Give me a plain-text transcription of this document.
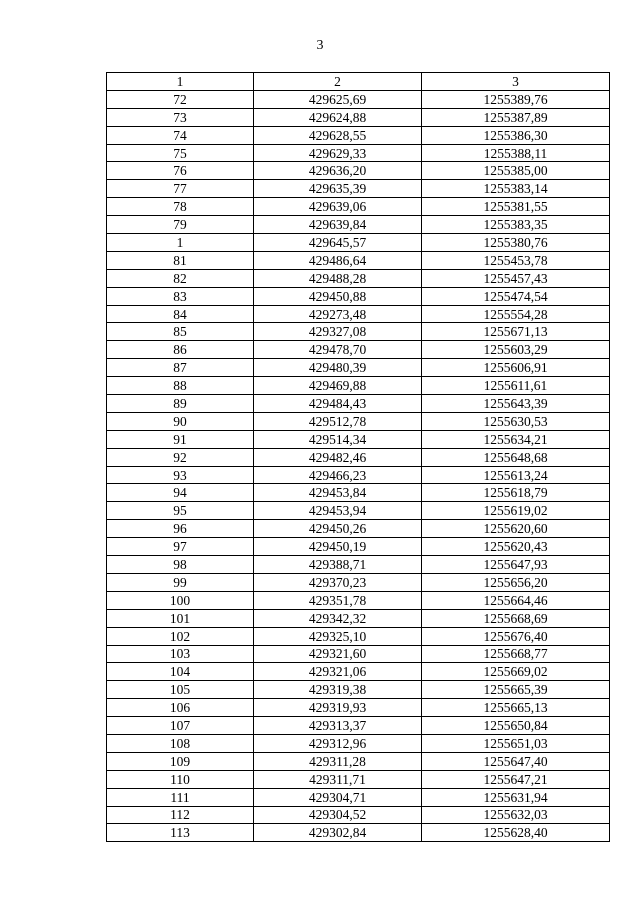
3
1	2	3
72	429625,69	1255389,76
73	429624,88	1255387,89
74	429628,55	1255386,30
75	429629,33	1255388,11
76	429636,20	1255385,00
77	429635,39	1255383,14
78	429639,06	1255381,55
79	429639,84	1255383,35
1	429645,57	1255380,76
81	429486,64	1255453,78
82	429488,28	1255457,43
83	429450,88	1255474,54
84	429273,48	1255554,28
85	429327,08	1255671,13
86	429478,70	1255603,29
87	429480,39	1255606,91
88	429469,88	1255611,61
89	429484,43	1255643,39
90	429512,78	1255630,53
91	429514,34	1255634,21
92	429482,46	1255648,68
93	429466,23	1255613,24
94	429453,84	1255618,79
95	429453,94	1255619,02
96	429450,26	1255620,60
97	429450,19	1255620,43
98	429388,71	1255647,93
99	429370,23	1255656,20
100	429351,78	1255664,46
101	429342,32	1255668,69
102	429325,10	1255676,40
103	429321,60	1255668,77
104	429321,06	1255669,02
105	429319,38	1255665,39
106	429319,93	1255665,13
107	429313,37	1255650,84
108	429312,96	1255651,03
109	429311,28	1255647,40
110	429311,71	1255647,21
111	429304,71	1255631,94
112	429304,52	1255632,03
113	429302,84	1255628,40
